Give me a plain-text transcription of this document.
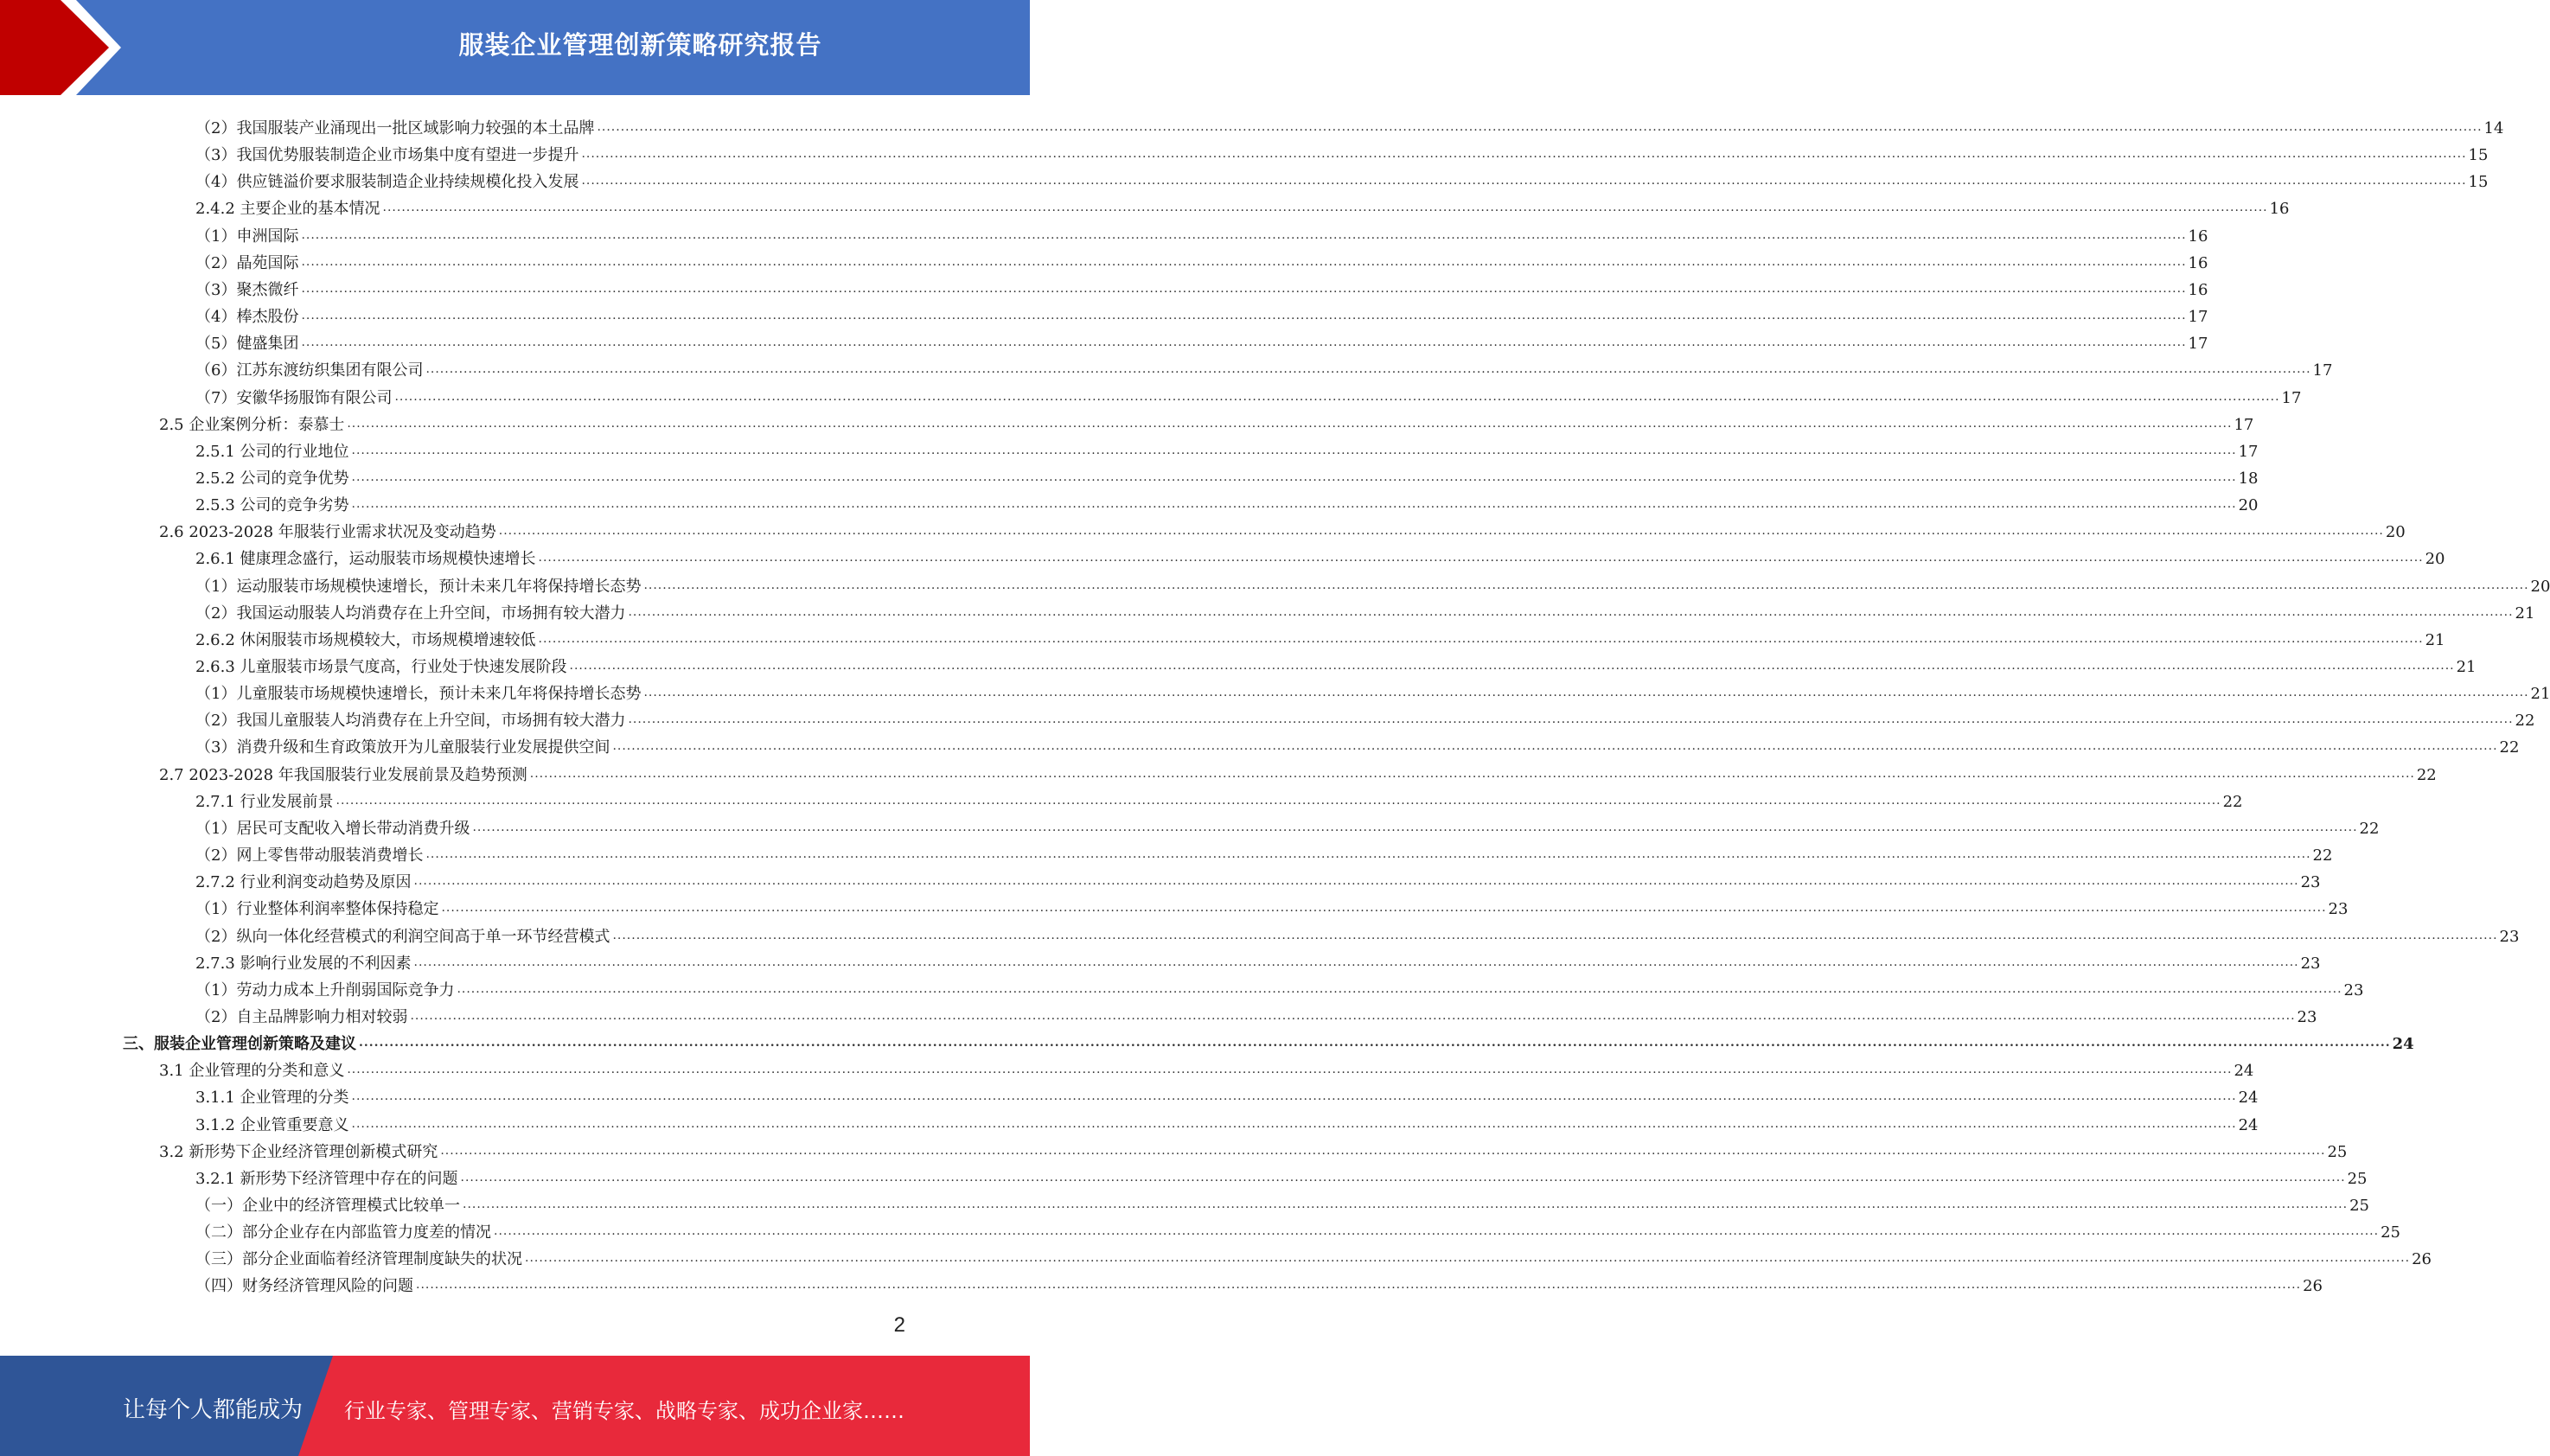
服装企业管理创新策略研究报告
（2）我国服装产业涌现出一批区域影响力较强的本土品牌 ................................................................................................................................................................................................................................................................................................................................................................................................................ 14
（3）我国优势服装制造企业市场集中度有望进一步提升 ................................................................................................................................................................................................................................................................................................................................................................................................................ 15
（4）供应链溢价要求服装制造企业持续规模化投入发展 ................................................................................................................................................................................................................................................................................................................................................................................................................ 15
2.4.2 主要企业的基本情况 ................................................................................................................................................................................................................................................................................................................................................................................................................ 16
（1）申洲国际 ................................................................................................................................................................................................................................................................................................................................................................................................................ 16
（2）晶苑国际 ................................................................................................................................................................................................................................................................................................................................................................................................................ 16
（3）聚杰微纤 ................................................................................................................................................................................................................................................................................................................................................................................................................ 16
（4）棒杰股份 ................................................................................................................................................................................................................................................................................................................................................................................................................ 17
（5）健盛集团 ................................................................................................................................................................................................................................................................................................................................................................................................................ 17
（6）江苏东渡纺织集团有限公司 ................................................................................................................................................................................................................................................................................................................................................................................................................ 17
（7）安徽华扬服饰有限公司 ................................................................................................................................................................................................................................................................................................................................................................................................................ 17
2.5 企业案例分析：泰慕士 ................................................................................................................................................................................................................................................................................................................................................................................................................ 17
2.5.1 公司的行业地位 ................................................................................................................................................................................................................................................................................................................................................................................................................ 17
2.5.2 公司的竞争优势 ................................................................................................................................................................................................................................................................................................................................................................................................................ 18
2.5.3 公司的竞争劣势 ................................................................................................................................................................................................................................................................................................................................................................................................................ 20
2.6 2023-2028 年服装行业需求状况及变动趋势 ................................................................................................................................................................................................................................................................................................................................................................................................................ 20
2.6.1 健康理念盛行，运动服装市场规模快速增长 ................................................................................................................................................................................................................................................................................................................................................................................................................ 20
（1）运动服装市场规模快速增长，预计未来几年将保持增长态势 ................................................................................................................................................................................................................................................................................................................................................................................................................ 20
（2）我国运动服装人均消费存在上升空间，市场拥有较大潜力 ................................................................................................................................................................................................................................................................................................................................................................................................................ 21
2.6.2 休闲服装市场规模较大，市场规模增速较低 ................................................................................................................................................................................................................................................................................................................................................................................................................ 21
2.6.3 儿童服装市场景气度高，行业处于快速发展阶段 ................................................................................................................................................................................................................................................................................................................................................................................................................ 21
（1）儿童服装市场规模快速增长，预计未来几年将保持增长态势 ................................................................................................................................................................................................................................................................................................................................................................................................................ 21
（2）我国儿童服装人均消费存在上升空间，市场拥有较大潜力 ................................................................................................................................................................................................................................................................................................................................................................................................................ 22
（3）消费升级和生育政策放开为儿童服装行业发展提供空间 ................................................................................................................................................................................................................................................................................................................................................................................................................ 22
2.7 2023-2028 年我国服装行业发展前景及趋势预测 ................................................................................................................................................................................................................................................................................................................................................................................................................ 22
2.7.1 行业发展前景 ................................................................................................................................................................................................................................................................................................................................................................................................................ 22
（1）居民可支配收入增长带动消费升级 ................................................................................................................................................................................................................................................................................................................................................................................................................ 22
（2）网上零售带动服装消费增长 ................................................................................................................................................................................................................................................................................................................................................................................................................ 22
2.7.2 行业利润变动趋势及原因 ................................................................................................................................................................................................................................................................................................................................................................................................................ 23
（1）行业整体利润率整体保持稳定 ................................................................................................................................................................................................................................................................................................................................................................................................................ 23
（2）纵向一体化经营模式的利润空间高于单一环节经营模式 ................................................................................................................................................................................................................................................................................................................................................................................................................ 23
2.7.3 影响行业发展的不利因素 ................................................................................................................................................................................................................................................................................................................................................................................................................ 23
（1）劳动力成本上升削弱国际竞争力 ................................................................................................................................................................................................................................................................................................................................................................................................................ 23
（2）自主品牌影响力相对较弱 ................................................................................................................................................................................................................................................................................................................................................................................................................ 23
三、服装企业管理创新策略及建议 ................................................................................................................................................................................................................................................................................................................................................................................................................ 24
3.1 企业管理的分类和意义 ................................................................................................................................................................................................................................................................................................................................................................................................................ 24
3.1.1 企业管理的分类 ................................................................................................................................................................................................................................................................................................................................................................................................................ 24
3.1.2 企业管重要意义 ................................................................................................................................................................................................................................................................................................................................................................................................................ 24
3.2 新形势下企业经济管理创新模式研究 ................................................................................................................................................................................................................................................................................................................................................................................................................ 25
3.2.1 新形势下经济管理中存在的问题 ................................................................................................................................................................................................................................................................................................................................................................................................................ 25
（一）企业中的经济管理模式比较单一 ................................................................................................................................................................................................................................................................................................................................................................................................................ 25
（二）部分企业存在内部监管力度差的情况 ................................................................................................................................................................................................................................................................................................................................................................................................................ 25
（三）部分企业面临着经济管理制度缺失的状况 ................................................................................................................................................................................................................................................................................................................................................................................................................ 26
（四）财务经济管理风险的问题 ................................................................................................................................................................................................................................................................................................................................................................................................................ 26
2
让每个人都能成为 行业专家、管理专家、营销专家、战略专家、成功企业家……
